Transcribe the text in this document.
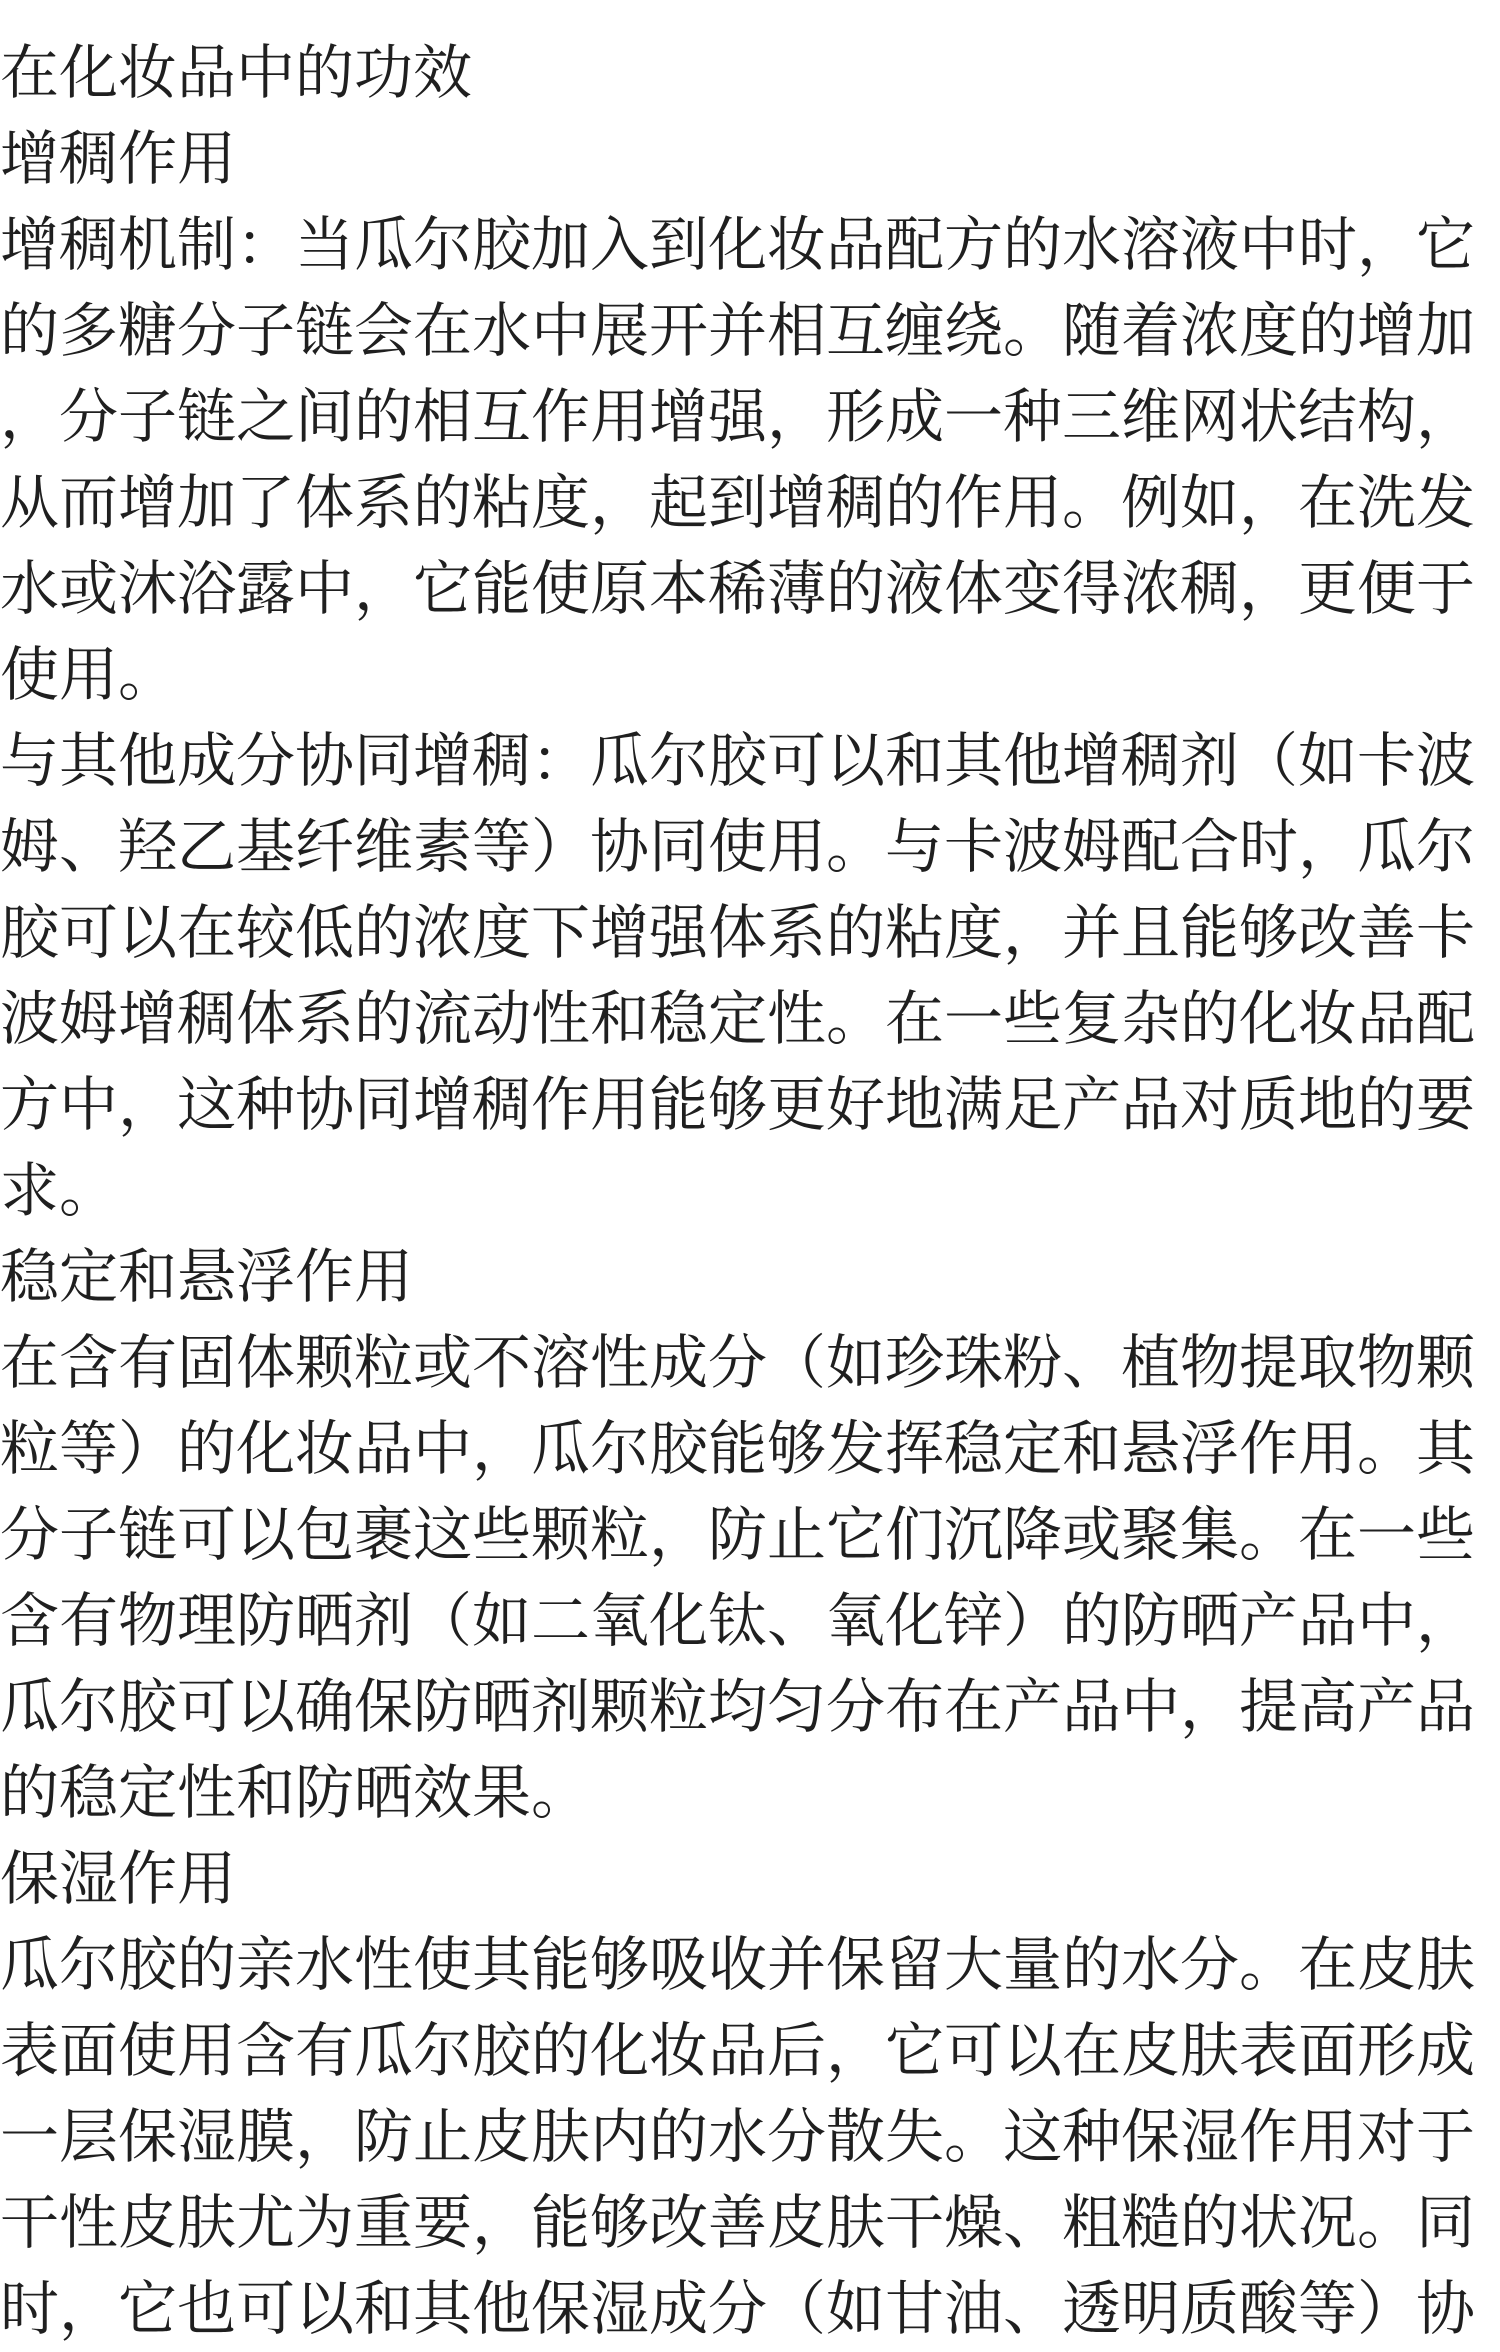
在化妆品中的功效
增稠作用
增稠机制：当瓜尔胶加入到化妆品配方的水溶液中时，它
的多糖分子链会在水中展开并相互缠绕。随着浓度的增加
，分子链之间的相互作用增强，形成一种三维网状结构，
从而增加了体系的粘度，起到增稠的作用。例如，在洗发
水或沐浴露中，它能使原本稀薄的液体变得浓稠，更便于
使用。
与其他成分协同增稠：瓜尔胶可以和其他增稠剂（如卡波
姆、羟乙基纤维素等）协同使用。与卡波姆配合时，瓜尔
胶可以在较低的浓度下增强体系的粘度，并且能够改善卡
波姆增稠体系的流动性和稳定性。在一些复杂的化妆品配
方中，这种协同增稠作用能够更好地满足产品对质地的要
求。
稳定和悬浮作用
在含有固体颗粒或不溶性成分（如珍珠粉、植物提取物颗
粒等）的化妆品中，瓜尔胶能够发挥稳定和悬浮作用。其
分子链可以包裹这些颗粒，防止它们沉降或聚集。在一些
含有物理防晒剂（如二氧化钛、氧化锌）的防晒产品中，
瓜尔胶可以确保防晒剂颗粒均匀分布在产品中，提高产品
的稳定性和防晒效果。
保湿作用
瓜尔胶的亲水性使其能够吸收并保留大量的水分。在皮肤
表面使用含有瓜尔胶的化妆品后，它可以在皮肤表面形成
一层保湿膜，防止皮肤内的水分散失。这种保湿作用对于
干性皮肤尤为重要，能够改善皮肤干燥、粗糙的状况。同
时，它也可以和其他保湿成分（如甘油、透明质酸等）协
